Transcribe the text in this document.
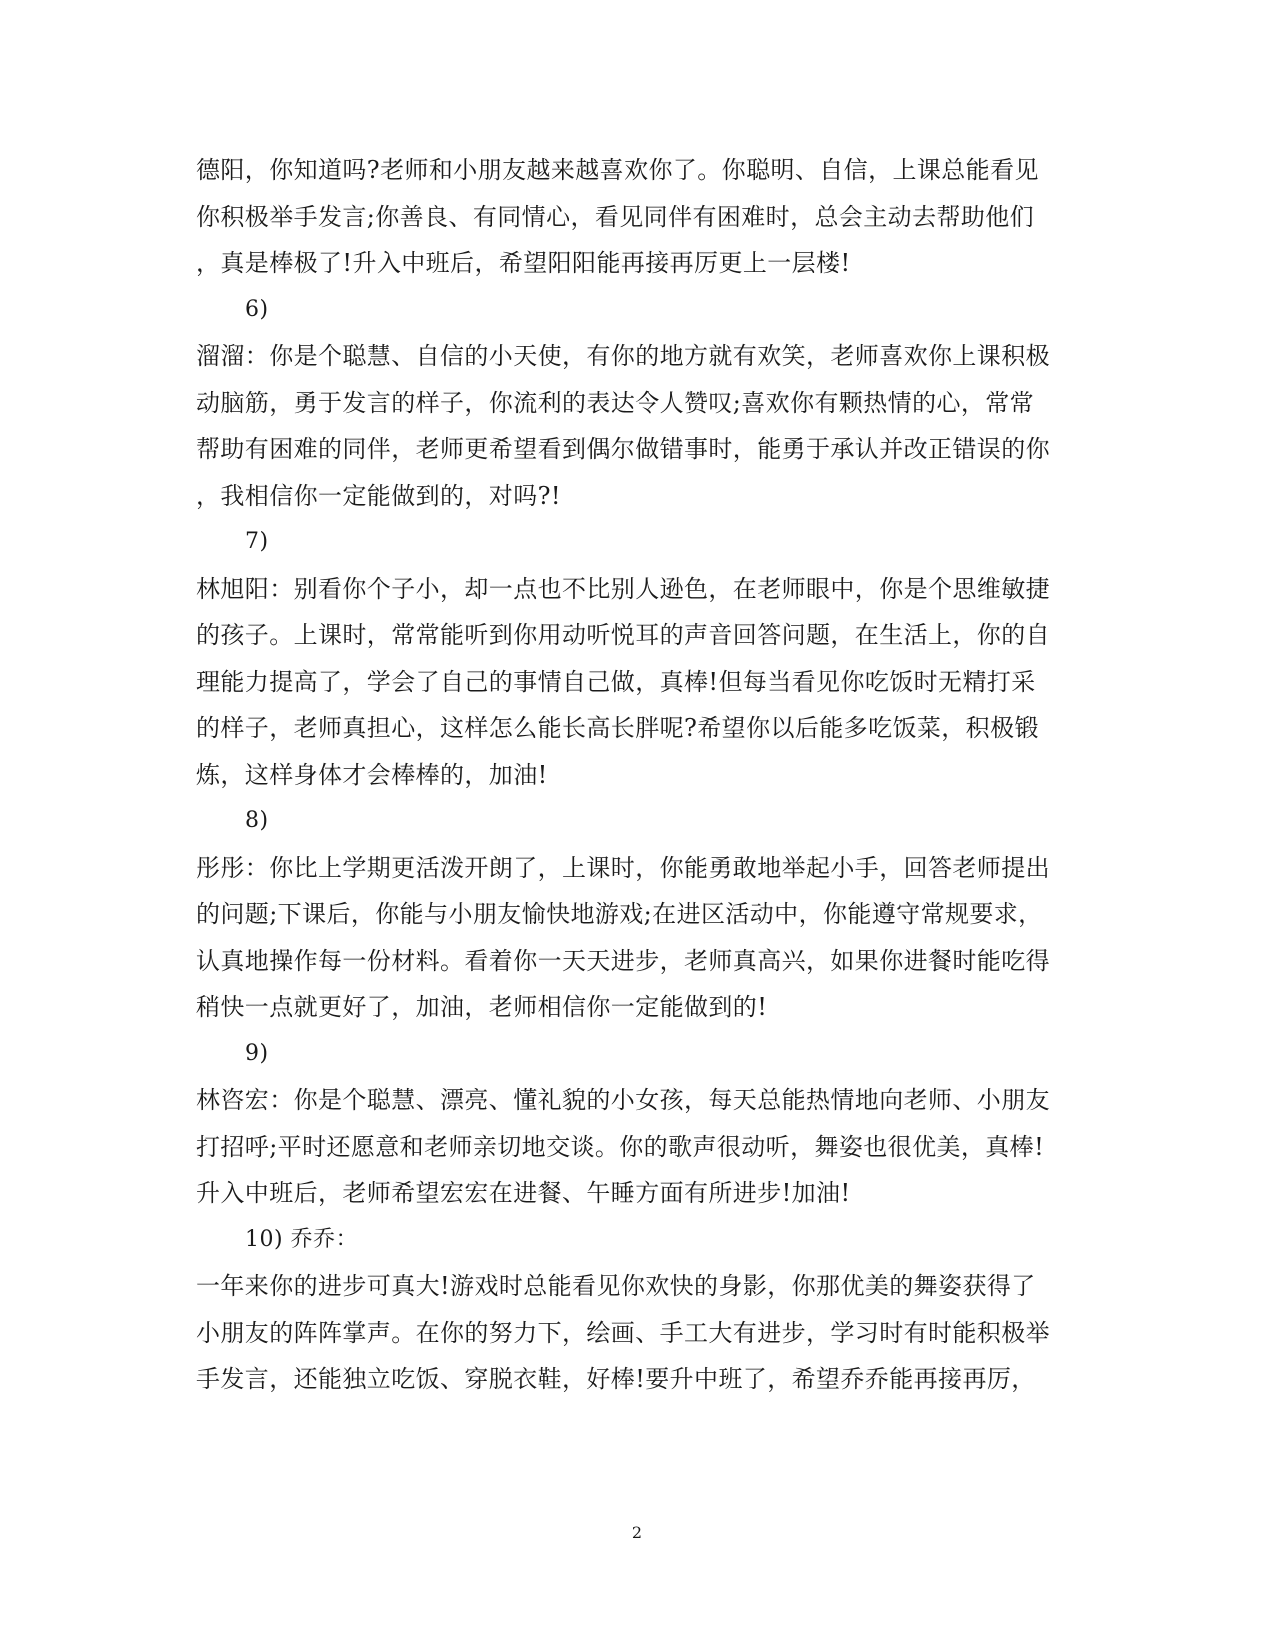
德阳，你知道吗?老师和小朋友越来越喜欢你了。你聪明、自信，上课总能看见
你积极举手发言;你善良、有同情心，看见同伴有困难时，总会主动去帮助他们
，真是棒极了!升入中班后，希望阳阳能再接再厉更上一层楼!
6)
溜溜：你是个聪慧、自信的小天使，有你的地方就有欢笑，老师喜欢你上课积极
动脑筋，勇于发言的样子，你流利的表达令人赞叹;喜欢你有颗热情的心，常常
帮助有困难的同伴，老师更希望看到偶尔做错事时，能勇于承认并改正错误的你
，我相信你一定能做到的，对吗?!
7)
林旭阳：别看你个子小，却一点也不比别人逊色，在老师眼中，你是个思维敏捷
的孩子。上课时，常常能听到你用动听悦耳的声音回答问题，在生活上，你的自
理能力提高了，学会了自己的事情自己做，真棒!但每当看见你吃饭时无精打采
的样子，老师真担心，这样怎么能长高长胖呢?希望你以后能多吃饭菜，积极锻
炼，这样身体才会棒棒的，加油!
8)
彤彤：你比上学期更活泼开朗了，上课时，你能勇敢地举起小手，回答老师提出
的问题;下课后，你能与小朋友愉快地游戏;在进区活动中，你能遵守常规要求，
认真地操作每一份材料。看着你一天天进步，老师真高兴，如果你进餐时能吃得
稍快一点就更好了，加油，老师相信你一定能做到的!
9)
林咨宏：你是个聪慧、漂亮、懂礼貌的小女孩，每天总能热情地向老师、小朋友
打招呼;平时还愿意和老师亲切地交谈。你的歌声很动听，舞姿也很优美，真棒!
升入中班后，老师希望宏宏在进餐、午睡方面有所进步!加油!
10) 乔乔：
一年来你的进步可真大!游戏时总能看见你欢快的身影，你那优美的舞姿获得了
小朋友的阵阵掌声。在你的努力下，绘画、手工大有进步，学习时有时能积极举
手发言，还能独立吃饭、穿脱衣鞋，好棒!要升中班了，希望乔乔能再接再厉，
2
